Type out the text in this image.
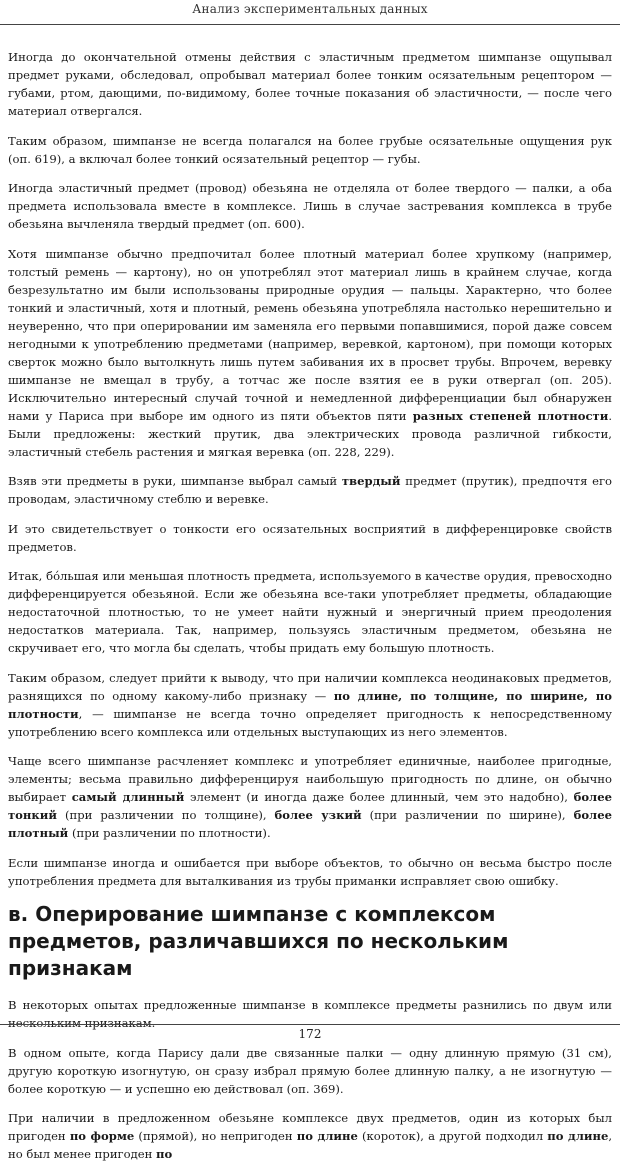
Анализ экспериментальных данных

Иногда до окончательной отмены действия с эластичным предметом шимпанзе ощупывал предмет руками, обследовал, опробывал материал более тонким осязательным рецептором — губами, ртом, дающими, по-видимому, более точные показания об эластичности, — после чего материал отвергался.

Таким образом, шимпанзе не всегда полагался на более грубые осязательные ощущения рук (оп. 619), а включал более тонкий осязательный рецептор — губы.

Иногда эластичный предмет (провод) обезьяна не отделяла от более твердого — палки, а оба предмета использовала вместе в комплексе. Лишь в случае застревания комплекса в трубе обезьяна вычленяла твердый предмет (оп. 600).

Хотя шимпанзе обычно предпочитал более плотный материал более хрупкому (например, толстый ремень — картону), но он употреблял этот материал лишь в крайнем случае, когда безрезультатно им были использованы природные орудия — пальцы. Характерно, что более тонкий и эластичный, хотя и плотный, ремень обезьяна употребляла настолько нерешительно и неуверенно, что при оперировании им заменяла его первыми попавшимися, порой даже совсем негодными к употреблению предметами (например, веревкой, картоном), при помощи которых сверток можно было вытолкнуть лишь путем забивания их в просвет трубы. Впрочем, веревку шимпанзе не вмещал в трубу, а тотчас же после взятия ее в руки отвергал (оп. 205). Исключительно интересный случай точной и немедленной дифференциации был обнаружен нами у Париса при выборе им одного из пяти объектов пяти разных степеней плотности. Были предложены: жесткий прутик, два электрических провода различной гибкости, эластичный стебель растения и мягкая веревка (оп. 228, 229).

Взяв эти предметы в руки, шимпанзе выбрал самый твердый предмет (прутик), предпочтя его проводам, эластичному стеблю и веревке.

И это свидетельствует о тонкости его осязательных восприятий в дифференцировке свойств предметов.

Итак, бóльшая или меньшая плотность предмета, используемого в качестве орудия, превосходно дифференцируется обезьяной. Если же обезьяна все-таки употребляет предметы, обладающие недостаточной плотностью, то не умеет найти нужный и энергичный прием преодоления недостатков материала. Так, например, пользуясь эластичным предметом, обезьяна не скручивает его, что могла бы сделать, чтобы придать ему большую плотность.

Таким образом, следует прийти к выводу, что при наличии комплекса неодинаковых предметов, разнящихся по одному какому-либо признаку — по длине, по толщине, по ширине, по плотности, — шимпанзе не всегда точно определяет пригодность к непосредственному употреблению всего комплекса или отдельных выступающих из него элементов.

Чаще всего шимпанзе расчленяет комплекс и употребляет единичные, наиболее пригодные, элементы; весьма правильно дифференцируя наибольшую пригодность по длине, он обычно выбирает самый длинный элемент (и иногда даже более длинный, чем это надобно), более тонкий (при различении по толщине), более узкий (при различении по ширине), более плотный (при различении по плотности).

Если шимпанзе иногда и ошибается при выборе объектов, то обычно он весьма быстро после употребления предмета для выталкивания из трубы приманки исправляет свою ошибку.

в. Оперирование шимпанзе с комплексом предметов, различавшихся по нескольким признакам

В некоторых опытах предложенные шимпанзе в комплексе предметы разнились по двум или нескольким признакам.

В одном опыте, когда Парису дали две связанные палки — одну длинную прямую (31 см), другую короткую изогнутую, он сразу избрал прямую более длинную палку, а не изогнутую — более короткую — и успешно ею действовал (оп. 369).

При наличии в предложенном обезьяне комплексе двух предметов, один из которых был пригоден по форме (прямой), но непригоден по длине (короток), а другой подходил по длине, но был менее пригоден по

172
